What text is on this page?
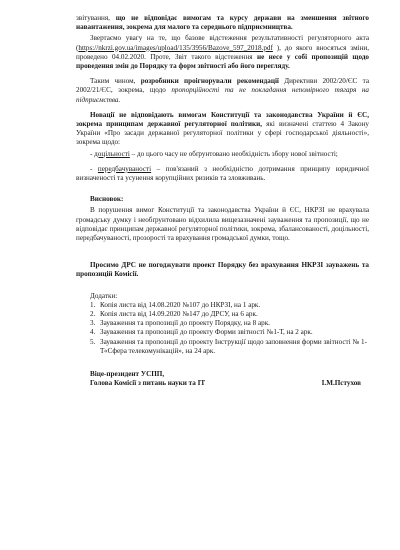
звітування, що не відповідає вимогам та курсу держави на зменшення звітного навантаження, зокрема для малого та середнього підприємництва.

Звертаємо увагу на те, що базове відстеження результативності регуляторного акта (https://nkrzi.gov.ua/images/upload/135/3956/Bazove_597_2018.pdf ), до якого вносяться зміни, проведено 04.02.2020. Проте, Звіт такого відстеження не несе у собі пропозицій щодо проведення змін до Порядку та форм звітності або його перегляду.

Таким чином, розробники проігнорували рекомендації Директиви 2002/20/ЄС та 2002/21/ЄС, зокрема, щодо пропорційності та не покладання непомірного тягаря на підприємства.

Новації не відповідають вимогам Конституції та законодавства України й ЄС, зокрема принципам державної регуляторної політики, які визначені статтею 4 Закону України «Про засади державної регуляторної політики у сфері господарської діяльності», зокрема щодо:

- доцільності – до цього часу не обґрунтовано необхідність збору нової звітності;

- передбачуваності – пов'язаний з необхідністю дотримання принципу юридичної визначеності та усунення корупційних ризиків та зловживань.

Висновок:

В порушення вимог Конституції та законодавства України й ЄС, НКРЗІ не врахувала громадську думку і необґрунтовано відхилила вищезазначені зауваження та пропозиції, що не відповідає принципам державної регуляторної політики, зокрема, збалансованості, доцільності, передбачуваності, прозорості та врахування громадської думки, тощо.

Просимо ДРС не погоджувати проект Порядку без врахування НКРЗІ зауважень та пропозицій Комісії.

Додатки:

1. Копія листа від 14.08.2020 №107 до НКРЗІ, на 1 арк.
2. Копія листа від 14.09.2020 №147 до ДРСУ, на 6 арк.
3. Зауваження та пропозиції до проекту Порядку, на 8 арк.
4. Зауваження та пропозиції до проекту Форми звітності №1-Т, на 2 арк.
5. Зауваження та пропозиції до проекту Інструкції щодо заповнення форми звітності № 1-Т«Сфера телекомунікацій», на 24 арк.
Віце-президент УСПП,
Голова Комісії з питань науки та ІТ	І.М.Пстухов
